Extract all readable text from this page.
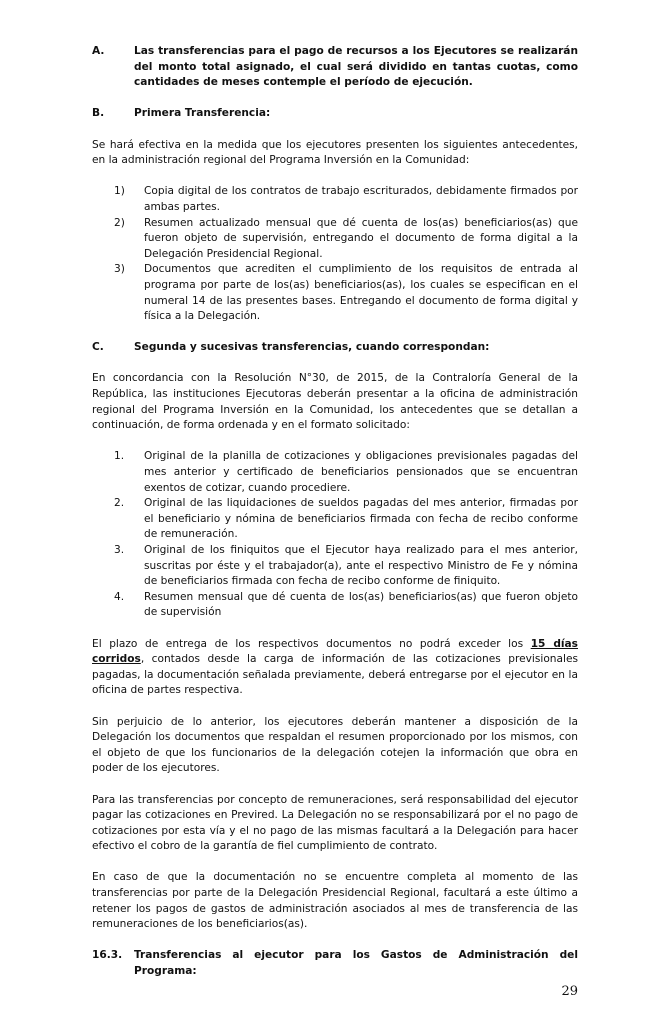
A.	Las transferencias para el pago de recursos a los Ejecutores se realizarán del monto total asignado, el cual será dividido en tantas cuotas, como cantidades de meses contemple el período de ejecución.
B.	Primera Transferencia:

Se hará efectiva en la medida que los ejecutores presenten los siguientes antecedentes, en la administración regional del Programa Inversión en la Comunidad:

1)	Copia digital de los contratos de trabajo escriturados, debidamente firmados por ambas partes.
2)	Resumen actualizado mensual que dé cuenta de los(as) beneficiarios(as) que fueron objeto de supervisión, entregando el documento de forma digital a la Delegación Presidencial Regional.
3)	Documentos que acrediten el cumplimiento de los requisitos de entrada al programa por parte de los(as) beneficiarios(as), los cuales se especifican en el numeral 14 de las presentes bases. Entregando el documento de forma digital y física a la Delegación.
C.	Segunda y sucesivas transferencias, cuando correspondan:

En concordancia con la Resolución N°30, de 2015, de la Contraloría General de la República, las instituciones Ejecutoras deberán presentar a la oficina de administración regional del Programa Inversión en la Comunidad, los antecedentes que se detallan a continuación, de forma ordenada y en el formato solicitado:

1.	Original de la planilla de cotizaciones y obligaciones previsionales pagadas del mes anterior y certificado de beneficiarios pensionados que se encuentran exentos de cotizar, cuando procediere.
2.	Original de las liquidaciones de sueldos pagadas del mes anterior, firmadas por el beneficiario y nómina de beneficiarios firmada con fecha de recibo conforme de remuneración.
3.	Original de los finiquitos que el Ejecutor haya realizado para el mes anterior, suscritas por éste y el trabajador(a), ante el respectivo Ministro de Fe y nómina de beneficiarios firmada con fecha de recibo conforme de finiquito.
4.	Resumen mensual que dé cuenta de los(as) beneficiarios(as) que fueron objeto de supervisión

El plazo de entrega de los respectivos documentos no podrá exceder los 15 días corridos, contados desde la carga de información de las cotizaciones previsionales pagadas, la documentación señalada previamente, deberá entregarse por el ejecutor en la oficina de partes respectiva.

Sin perjuicio de lo anterior, los ejecutores deberán mantener a disposición de la Delegación los documentos que respaldan el resumen proporcionado por los mismos, con el objeto de que los funcionarios de la delegación cotejen la información que obra en poder de los ejecutores.

Para las transferencias por concepto de remuneraciones, será responsabilidad del ejecutor pagar las cotizaciones en Previred. La Delegación no se responsabilizará por el no pago de cotizaciones por esta vía y el no pago de las mismas facultará a la Delegación para hacer efectivo el cobro de la garantía de fiel cumplimiento de contrato.

En caso de que la documentación no se encuentre completa al momento de las transferencias por parte de la Delegación Presidencial Regional, facultará a este último a retener los pagos de gastos de administración asociados al mes de transferencia de las remuneraciones de los beneficiarios(as).

16.3.	Transferencias al ejecutor para los Gastos de Administración del Programa:
29
